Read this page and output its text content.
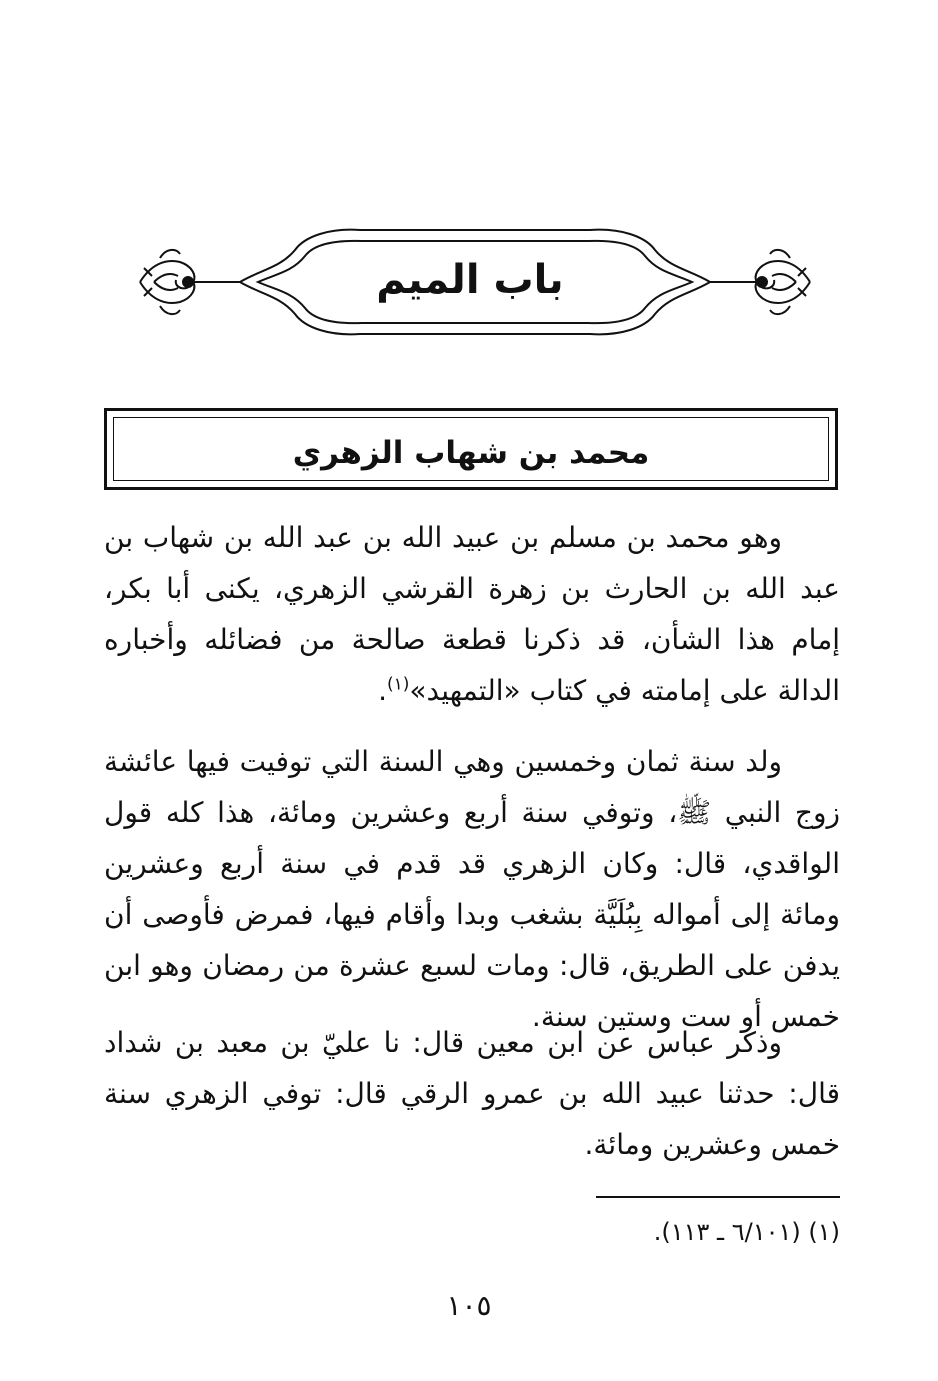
باب الميم
محمد بن شهاب الزهري
وهو محمد بن مسلم بن عبيد الله بن عبد الله بن شهاب بن عبد الله بن الحارث بن زهرة القرشي الزهري، يكنى أبا بكر، إمام هذا الشأن، قد ذكرنا قطعة صالحة من فضائله وأخباره الدالة على إمامته في كتاب «التمهيد»$^{(١)}$.
ولد سنة ثمان وخمسين وهي السنة التي توفيت فيها عائشة زوج النبي ﷺ، وتوفي سنة أربع وعشرين ومائة، هذا كله قول الواقدي، قال: وكان الزهري قد قدم في سنة أربع وعشرين ومائة إلى أمواله بِبُلَيَّة بشغب وبدا وأقام فيها، فمرض فأوصى أن يدفن على الطريق، قال: ومات لسبع عشرة من رمضان وهو ابن خمس أو ست وستين سنة.
وذكر عباس عن ابن معين قال: نا عليّ بن معبد بن شداد قال: حدثنا عبيد الله بن عمرو الرقي قال: توفي الزهري سنة خمس وعشرين ومائة.
(١) (٦/١٠١ ـ ١١٣).
١٠٥
